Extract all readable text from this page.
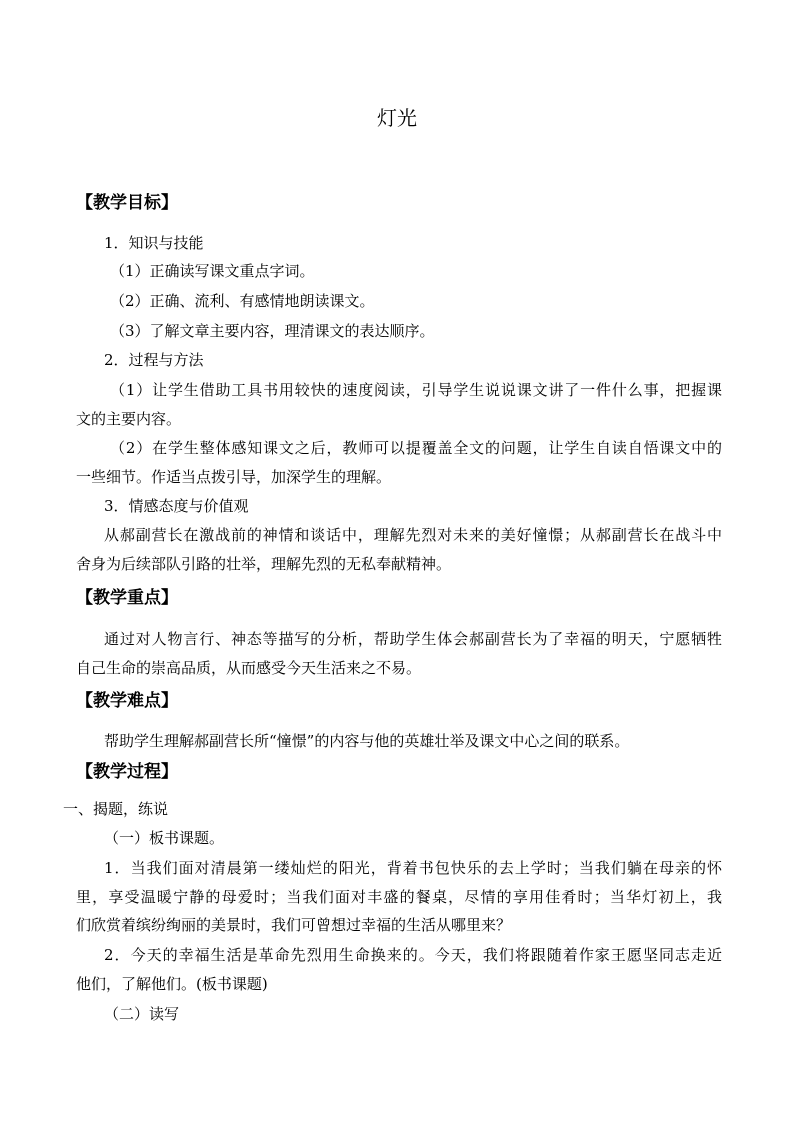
灯光
【教学目标】
1．知识与技能
（1）正确读写课文重点字词。
（2）正确、流利、有感情地朗读课文。
（3）了解文章主要内容，理清课文的表达顺序。
2．过程与方法
（1）让学生借助工具书用较快的速度阅读，引导学生说说课文讲了一件什么事，把握课
文的主要内容。
（2）在学生整体感知课文之后，教师可以提覆盖全文的问题，让学生自读自悟课文中的
一些细节。作适当点拨引导，加深学生的理解。
3．情感态度与价值观
从郝副营长在激战前的神情和谈话中，理解先烈对未来的美好憧憬；从郝副营长在战斗中
舍身为后续部队引路的壮举，理解先烈的无私奉献精神。
【教学重点】
通过对人物言行、神态等描写的分析，帮助学生体会郝副营长为了幸福的明天，宁愿牺牲
自己生命的崇高品质，从而感受今天生活来之不易。
【教学难点】
帮助学生理解郝副营长所“憧憬”的内容与他的英雄壮举及课文中心之间的联系。
【教学过程】
一、揭题，练说
（一）板书课题。
1．当我们面对清晨第一缕灿烂的阳光，背着书包快乐的去上学时；当我们躺在母亲的怀
里，享受温暖宁静的母爱时；当我们面对丰盛的餐桌，尽情的享用佳肴时；当华灯初上，我
们欣赏着缤纷绚丽的美景时，我们可曾想过幸福的生活从哪里来？
2．今天的幸福生活是革命先烈用生命换来的。今天，我们将跟随着作家王愿坚同志走近
他们，了解他们。(板书课题)
（二）读写
